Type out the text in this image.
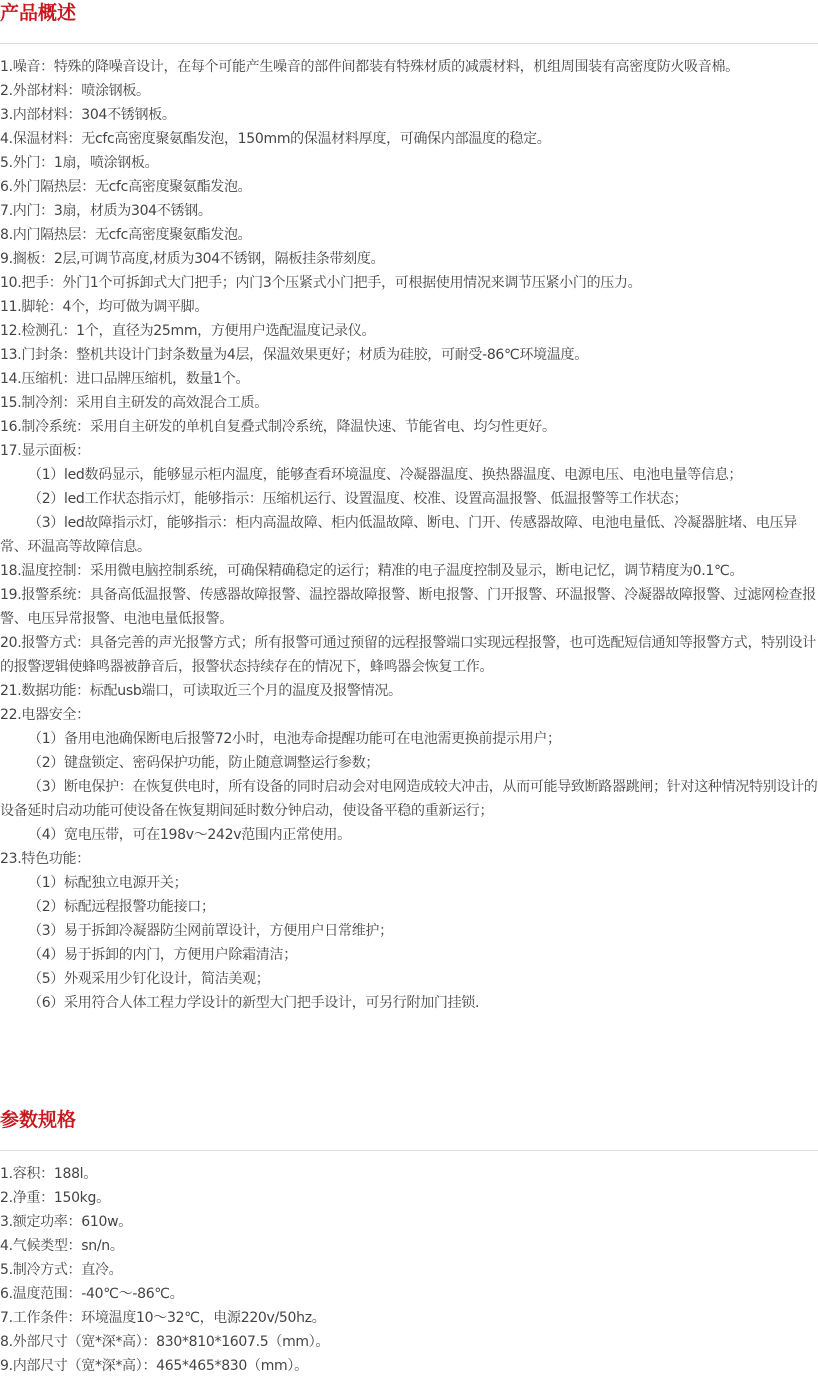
产品概述

1.噪音：特殊的降噪音设计，在每个可能产生噪音的部件间都装有特殊材质的减震材料，机组周围装有高密度防火吸音棉。

2.外部材料：喷涂钢板。

3.内部材料：304不锈钢板。

4.保温材料：无cfc高密度聚氨酯发泡，150mm的保温材料厚度，可确保内部温度的稳定。

5.外门：1扇，喷涂钢板。

6.外门隔热层：无cfc高密度聚氨酯发泡。

7.内门：3扇，材质为304不锈钢。

8.内门隔热层：无cfc高密度聚氨酯发泡。

9.搁板：2层,可调节高度,材质为304不锈钢，隔板挂条带刻度。

10.把手：外门1个可拆卸式大门把手；内门3个压紧式小门把手，可根据使用情况来调节压紧小门的压力。

11.脚轮：4个，均可做为调平脚。

12.检测孔：1个，直径为25mm，方便用户选配温度记录仪。

13.门封条：整机共设计门封条数量为4层，保温效果更好；材质为硅胶，可耐受-86℃环境温度。

14.压缩机：进口品牌压缩机，数量1个。

15.制冷剂：采用自主研发的高效混合工质。

16.制冷系统：采用自主研发的单机自复叠式制冷系统，降温快速、节能省电、均匀性更好。

17.显示面板：

（1）led数码显示，能够显示柜内温度，能够查看环境温度、冷凝器温度、换热器温度、电源电压、电池电量等信息；

（2）led工作状态指示灯，能够指示：压缩机运行、设置温度、校准、设置高温报警、低温报警等工作状态；

（3）led故障指示灯，能够指示：柜内高温故障、柜内低温故障、断电、门开、传感器故障、电池电量低、冷凝器脏堵、电压异常、环温高等故障信息。

18.温度控制：采用微电脑控制系统，可确保精确稳定的运行；精准的电子温度控制及显示，断电记忆，调节精度为0.1℃。

19.报警系统：具备高低温报警、传感器故障报警、温控器故障报警、断电报警、门开报警、环温报警、冷凝器故障报警、过滤网检查报警、电压异常报警、电池电量低报警。

20.报警方式：具备完善的声光报警方式；所有报警可通过预留的远程报警端口实现远程报警，也可选配短信通知等报警方式，特别设计的报警逻辑使蜂鸣器被静音后，报警状态持续存在的情况下，蜂鸣器会恢复工作。

21.数据功能：标配usb端口，可读取近三个月的温度及报警情况。

22.电器安全：

（1）备用电池确保断电后报警72小时，电池寿命提醒功能可在电池需更换前提示用户；

（2）键盘锁定、密码保护功能，防止随意调整运行参数；

（3）断电保护：在恢复供电时，所有设备的同时启动会对电网造成较大冲击，从而可能导致断路器跳闸；针对这种情况特别设计的设备延时启动功能可使设备在恢复期间延时数分钟启动，使设备平稳的重新运行；

（4）宽电压带，可在198v～242v范围内正常使用。

23.特色功能：

（1）标配独立电源开关；

（2）标配远程报警功能接口；

（3）易于拆卸冷凝器防尘网前罩设计，方便用户日常维护；

（4）易于拆卸的内门，方便用户除霜清洁；

（5）外观采用少钉化设计，简洁美观；

（6）采用符合人体工程力学设计的新型大门把手设计，可另行附加门挂锁.

参数规格

1.容积：188l。

2.净重：150kg。

3.额定功率：610w。

4.气候类型：sn/n。

5.制冷方式：直冷。

6.温度范围：-40℃～-86℃。

7.工作条件：环境温度10～32℃，电源220v/50hz。

8.外部尺寸（宽*深*高）：830*810*1607.5（mm）。

9.内部尺寸（宽*深*高）：465*465*830（mm）。
